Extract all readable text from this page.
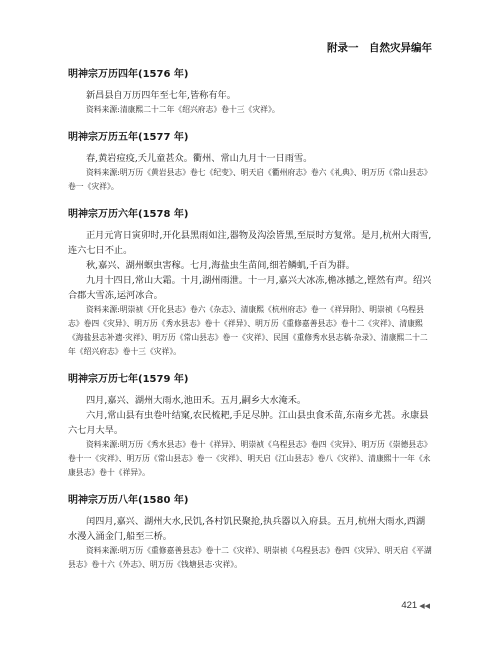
附录一　自然灾异编年

明神宗万历四年(1576 年)

新昌县自万历四年至七年,皆称有年。

资料来源:清康熙二十二年《绍兴府志》卷十三《灾祥》。

明神宗万历五年(1577 年)

春,黄岩痘疫,夭儿童甚众。衢州、常山九月十一日雨雪。

资料来源:明万历《黄岩县志》卷七《纪变》、明天启《衢州府志》卷六《礼典》、明万历《常山县志》卷一《灾祥》。

明神宗万历六年(1578 年)

正月元宵日寅卯时,开化县黑雨如注,器物及沟浍皆黑,至辰时方复常。是月,杭州大雨雪,连六七日不止。

秋,嘉兴、湖州螟虫害稼。七月,海盐虫生苗间,细若鳞虮,千百为群。

九月十四日,常山大霜。十月,湖州雨泄。十一月,嘉兴大冰冻,檐冰撼之,铿然有声。绍兴合郡大雪冻,运河冰合。

资料来源:明崇祯《开化县志》卷六《杂志》、清康熙《杭州府志》卷一《祥异附》、明崇祯《乌程县志》卷四《灾异》、明万历《秀水县志》卷十《祥异》、明万历《重修嘉善县志》卷十二《灾祥》、清康熙《海盐县志补遗·灾祥》、明万历《常山县志》卷一《灾祥》、民国《重修秀水县志稿·杂录》、清康熙二十二年《绍兴府志》卷十三《灾祥》。

明神宗万历七年(1579 年)

四月,嘉兴、湖州大雨水,池田禾。五月,嗣乡大水淹禾。

六月,常山县有虫卷叶结窠,农民梳耙,手足尽肿。江山县虫食禾苗,东南乡尤甚。永康县六七月大旱。

资料来源:明万历《秀水县志》卷十《祥异》、明崇祯《乌程县志》卷四《灾异》、明万历《崇德县志》卷十一《灾祥》、明万历《常山县志》卷一《灾祥》、明天启《江山县志》卷八《灾祥》、清康熙十一年《永康县志》卷十《祥异》。

明神宗万历八年(1580 年)

闰四月,嘉兴、湖州大水,民饥,各村饥民聚抢,执兵器以入府县。五月,杭州大雨水,西湖水漫入涌金门,船至三桥。

资料来源:明万历《重修嘉善县志》卷十二《灾祥》、明崇祯《乌程县志》卷四《灾异》、明天启《平湖县志》卷十六《外志》、明万历《钱塘县志·灾祥》。

421 ◀◀
